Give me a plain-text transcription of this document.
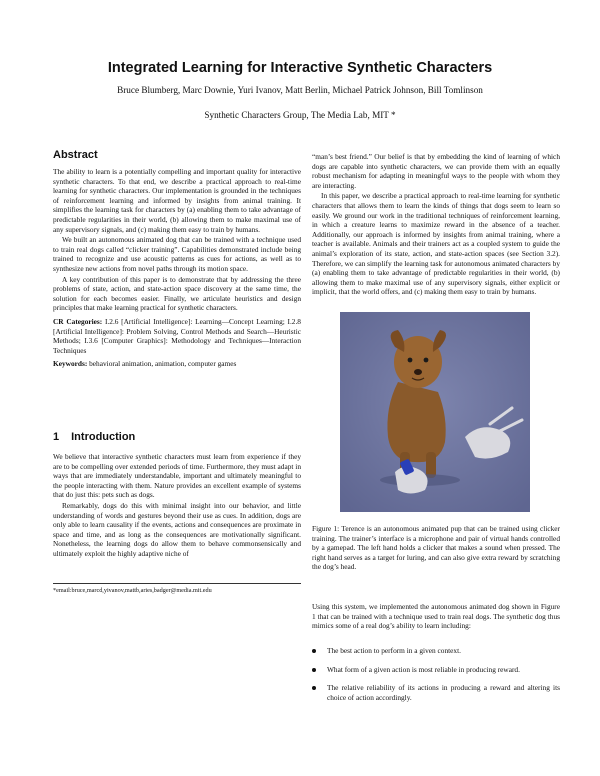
Integrated Learning for Interactive Synthetic Characters
Bruce Blumberg, Marc Downie, Yuri Ivanov, Matt Berlin, Michael Patrick Johnson, Bill Tomlinson
Synthetic Characters Group, The Media Lab, MIT *
Abstract

The ability to learn is a potentially compelling and important quality for interactive synthetic characters. To that end, we describe a practical approach to real-time learning for synthetic characters. Our implementation is grounded in the techniques of reinforcement learning and informed by insights from animal training. It simplifies the learning task for characters by (a) enabling them to take advantage of predictable regularities in their world, (b) allowing them to make maximal use of any supervisory signals, and (c) making them easy to train by humans.

We built an autonomous animated dog that can be trained with a technique used to train real dogs called “clicker training”. Capabilities demonstrated include being trained to recognize and use acoustic patterns as cues for actions, as well as to synthesize new actions from novel paths through its motion space.

A key contribution of this paper is to demonstrate that by addressing the three problems of state, action, and state-action space discovery at the same time, the solution for each becomes easier. Finally, we articulate heuristics and design principles that make learning practical for synthetic characters.

CR Categories: I.2.6 [Artificial Intelligence]: Learning—Concept Learning; I.2.8 [Artificial Intelligence]: Problem Solving, Control Methods and Search—Heuristic Methods; I.3.6 [Computer Graphics]: Methodology and Techniques—Interaction Techniques

Keywords: behavioral animation, animation, computer games

1 Introduction

We believe that interactive synthetic characters must learn from experience if they are to be compelling over extended periods of time. Furthermore, they must adapt in ways that are immediately understandable, important and ultimately meaningful to the people interacting with them. Nature provides an excellent example of systems that do just this: pets such as dogs.

Remarkably, dogs do this with minimal insight into our behavior, and little understanding of words and gestures beyond their use as cues. In addition, dogs are only able to learn causality if the events, actions and consequences are proximate in space and time, and as long as the consequences are motivationally significant. Nonetheless, the learning dogs do allow them to behave commonsensically and ultimately exploit the highly adaptive niche of

*email:bruce,marcd,yivanov,mattb,aries,badger@media.mit.edu

“man’s best friend.” Our belief is that by embedding the kind of learning of which dogs are capable into synthetic characters, we can provide them with an equally robust mechanism for adapting in meaningful ways to the people with whom they are interacting.

In this paper, we describe a practical approach to real-time learning for synthetic characters that allows them to learn the kinds of things that dogs seem to learn so easily. We ground our work in the traditional techniques of reinforcement learning, in which a creature learns to maximize reward in the absence of a teacher. Additionally, our approach is informed by insights from animal training, where a teacher is available. Animals and their trainers act as a coupled system to guide the animal’s exploration of its state, action, and state-action spaces (see Section 3.2). Therefore, we can simplify the learning task for autonomous animated characters by (a) enabling them to take advantage of predictable regularities in their world, (b) allowing them to make maximal use of any supervisory signals, either explicit or implicit, that the world offers, and (c) making them easy to train by humans.

Figure 1: Terence is an autonomous animated pup that can be trained using clicker training. The trainer’s interface is a microphone and pair of virtual hands controlled by a gamepad. The left hand holds a clicker that makes a sound when pressed. The right hand serves as a target for luring, and can also give extra reward by scratching the dog’s head.
Using this system, we implemented the autonomous animated dog shown in Figure 1 that can be trained with a technique used to train real dogs. The synthetic dog thus mimics some of a real dog’s ability to learn including:
The best action to perform in a given context.
What form of a given action is most reliable in producing reward.
The relative reliability of its actions in producing a reward and altering its choice of action accordingly.
